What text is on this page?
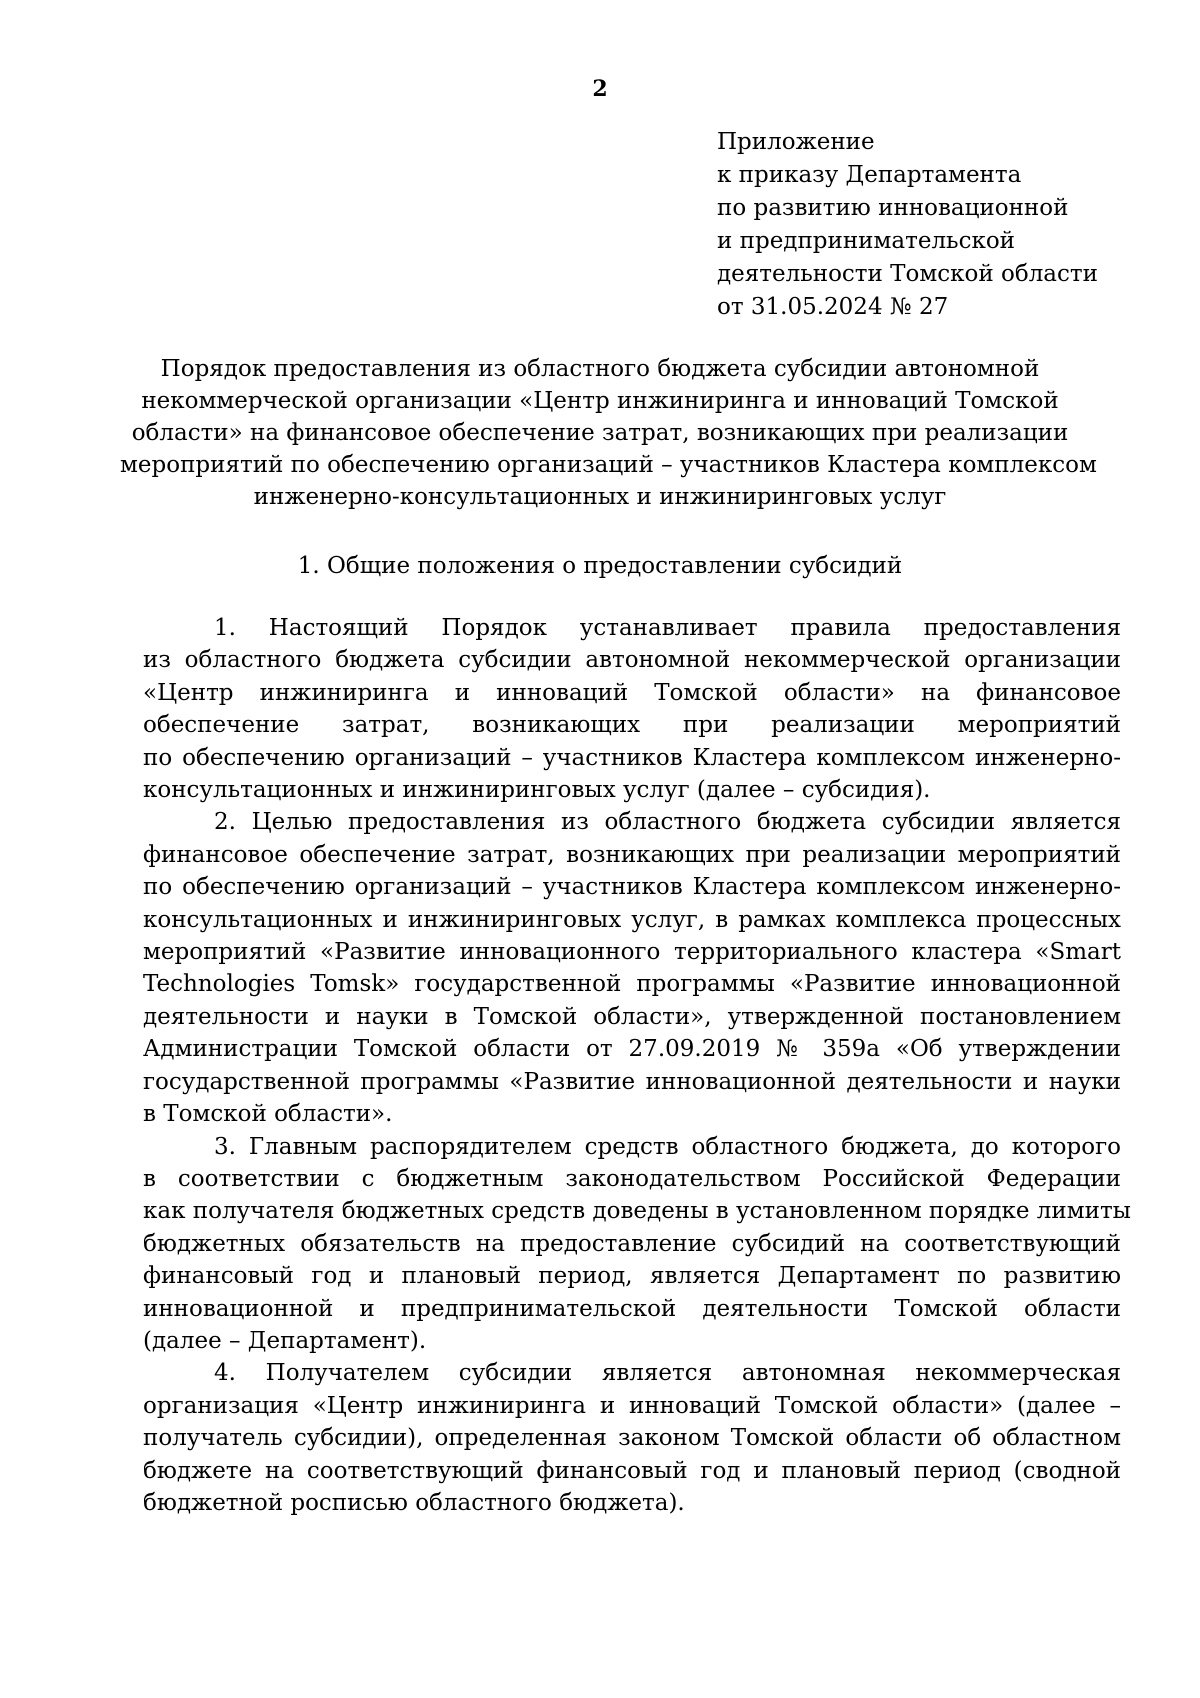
2
Приложение
к приказу Департамента
по развитию инновационной
и предпринимательской
деятельности Томской области
от 31.05.2024 № 27
Порядок предоставления из областного бюджета субсидии автономной
некоммерческой организации «Центр инжиниринга и инноваций Томской
области» на финансовое обеспечение затрат, возникающих при реализации
мероприятий по обеспечению организаций – участников Кластера комплексом
инженерно-консультационных и инжиниринговых услуг
1. Общие положения о предоставлении субсидий
1. Настоящий Порядок устанавливает правила предоставления
из областного бюджета субсидии автономной некоммерческой организации
«Центр инжиниринга и инноваций Томской области» на финансовое
обеспечение затрат, возникающих при реализации мероприятий
по обеспечению организаций – участников Кластера комплексом инженерно-
консультационных и инжиниринговых услуг (далее – субсидия).
2. Целью предоставления из областного бюджета субсидии является
финансовое обеспечение затрат, возникающих при реализации мероприятий
по обеспечению организаций – участников Кластера комплексом инженерно-
консультационных и инжиниринговых услуг, в рамках комплекса процессных
мероприятий «Развитие инновационного территориального кластера «Smart
Technologies Tomsk» государственной программы «Развитие инновационной
деятельности и науки в Томской области», утвержденной постановлением
Администрации Томской области от 27.09.2019 № 359а «Об утверждении
государственной программы «Развитие инновационной деятельности и науки
в Томской области».
3. Главным распорядителем средств областного бюджета, до которого
в соответствии с бюджетным законодательством Российской Федерации
как получателя бюджетных средств доведены в установленном порядке лимиты
бюджетных обязательств на предоставление субсидий на соответствующий
финансовый год и плановый период, является Департамент по развитию
инновационной и предпринимательской деятельности Томской области
(далее – Департамент).
4. Получателем субсидии является автономная некоммерческая
организация «Центр инжиниринга и инноваций Томской области» (далее –
получатель субсидии), определенная законом Томской области об областном
бюджете на соответствующий финансовый год и плановый период (сводной
бюджетной росписью областного бюджета).
